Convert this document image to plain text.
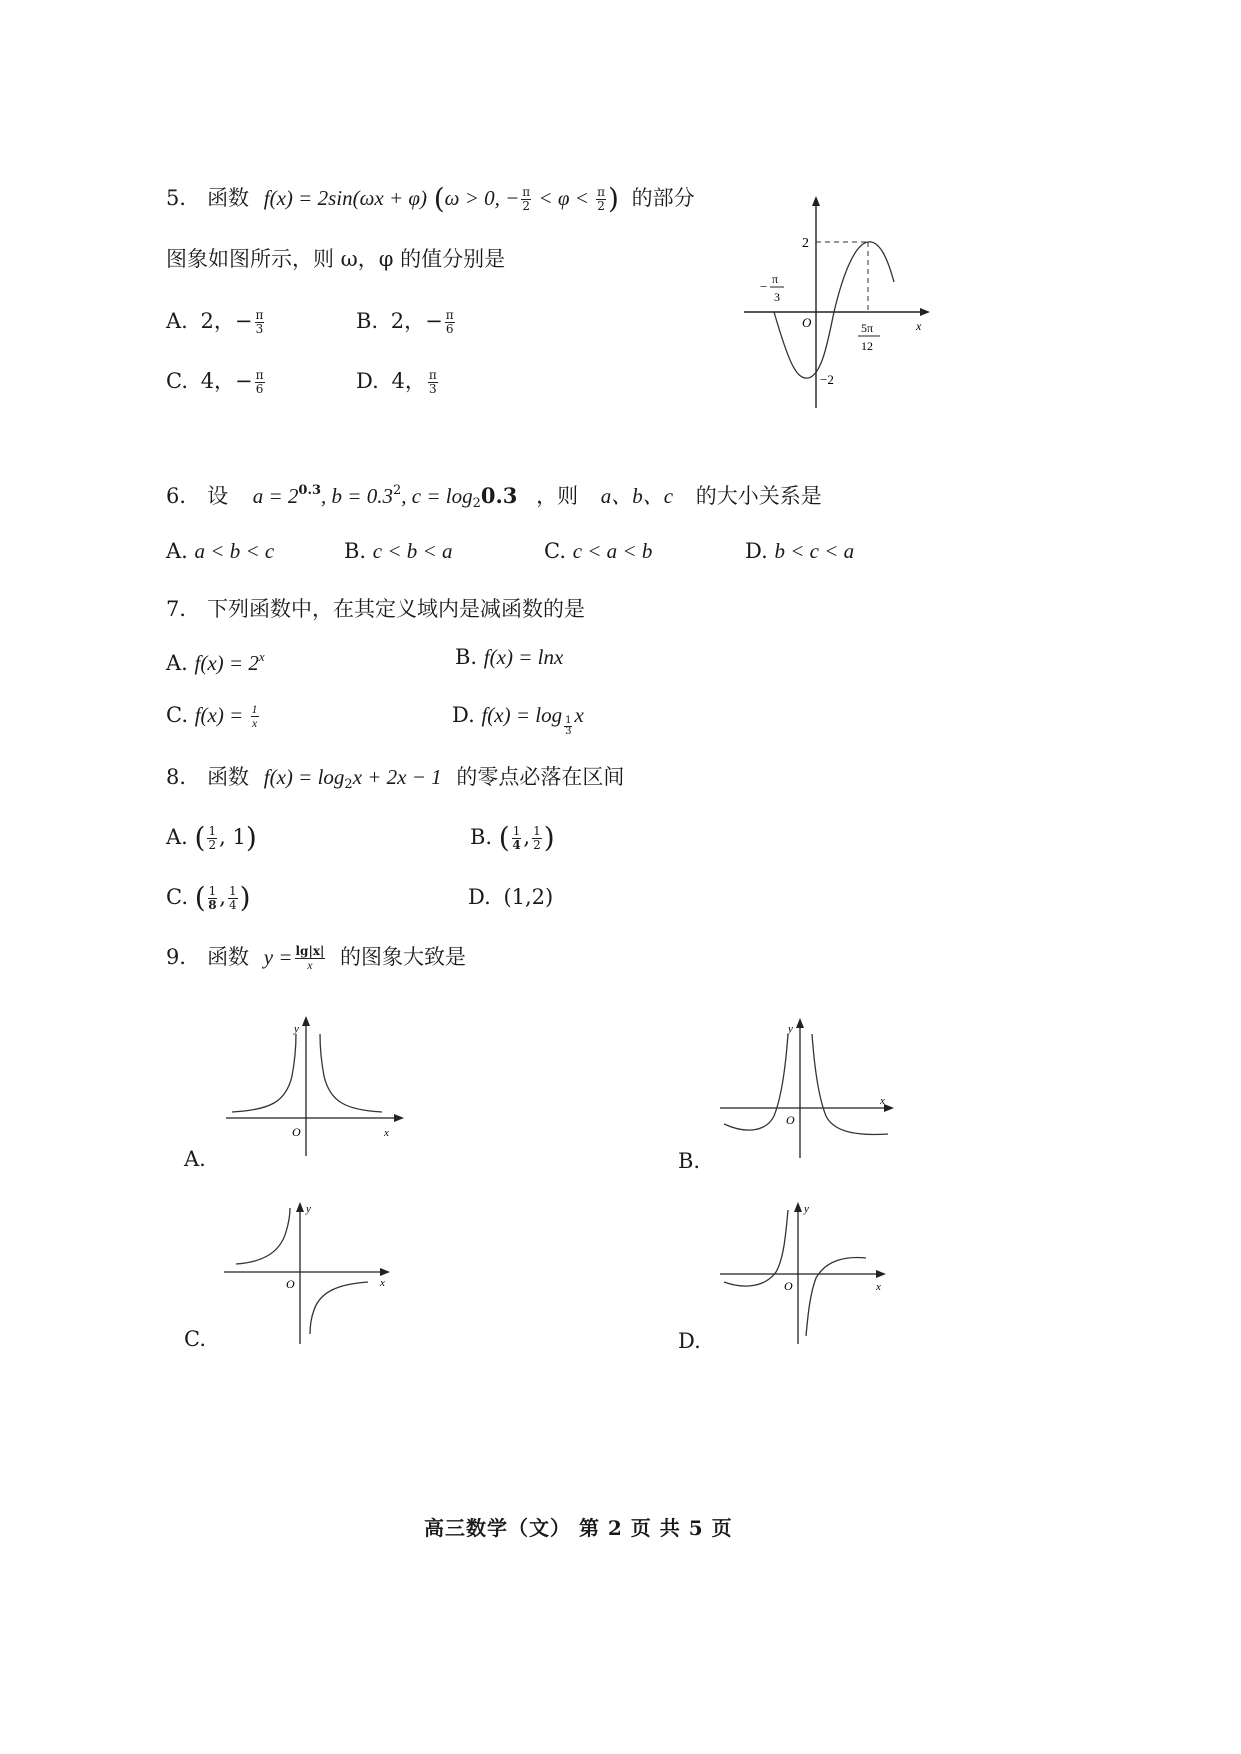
5． 函数 f(x) = 2sin(ωx + φ) (ω > 0, − $\frac{\pi}{2} < \varphi < \frac{\pi}{2}$ ) 的部分
图象如图所示，则 ω，φ 的值分别是
A. 2，− $\frac{\pi}{3}$	B. 2，− $\frac{\pi}{6}$
C. 4，− $\frac{\pi}{6}$	D. 4， $\frac{\pi}{3}$
2
−2
O	x
− π
3
5π
12
6． 设 $a = 2^{0.3}$, $b = 0.3^2$, $c = \log_20.3$ ，则 a、b、c 的大小关系是
A. a < b < c	B. c < b < a	C. c < a < b	D. b < c < a
7． 下列函数中，在其定义域内是减函数的是
A. $f(x) = 2^x$	B. f(x) = lnx
C. $f(x) = \frac{1}{x}$	D. $f(x) = \log \frac{1}{3}$ x
8． 函数 $f(x) = \log_2x + 2x - 1$ 的零点必落在区间
A. ( $\frac{1}{2}$ , 1)	B. ( $\frac{1}{4}$ , $\frac{1}{2}$ )
C. ( $\frac{1}{8}$ , $\frac{1}{4}$ )	D. (1,2)
9． 函数 $y = \frac{\lg|x|}{x}$ 的图象大致是
y
x
O
A.
y
x
O
B.
y
x
O
C.
y
x
O
D.
高三数学（文） 第 2 页 共 5 页
